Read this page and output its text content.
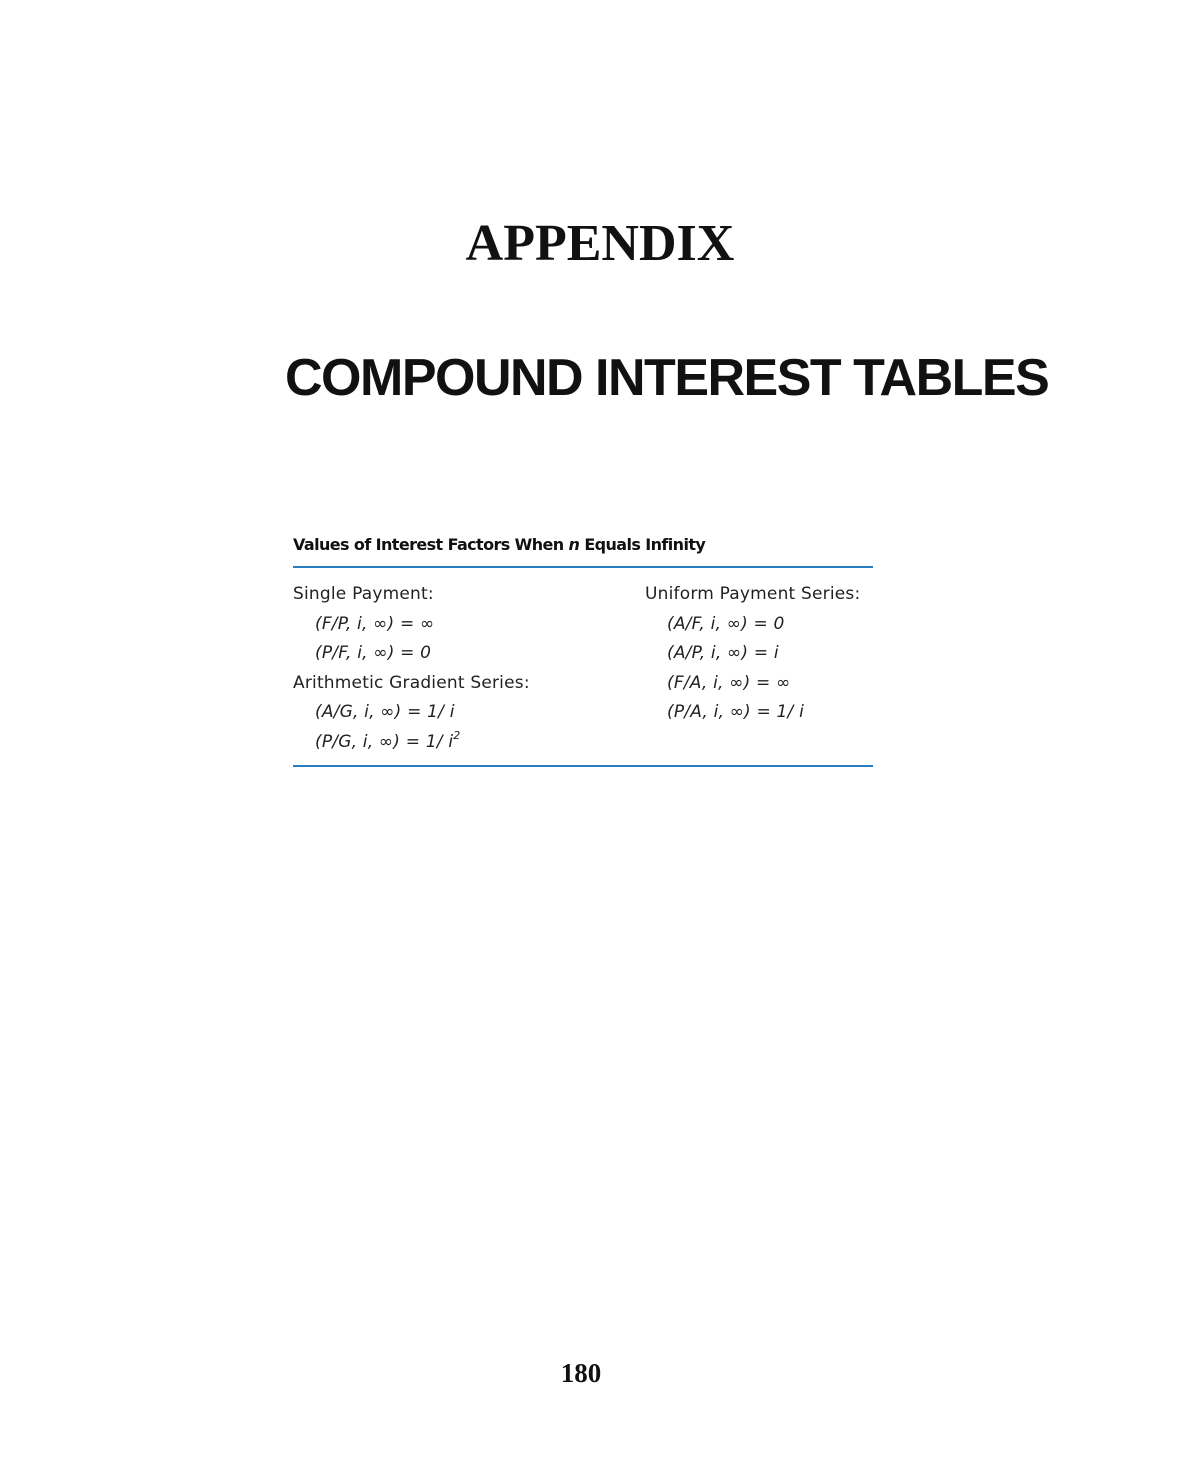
APPENDIX
COMPOUND INTEREST TABLES
Values of Interest Factors When n Equals Infinity
Single Payment:
(F/P, i, ∞) = ∞
(P/F, i, ∞) = 0
Arithmetic Gradient Series:
(A/G, i, ∞) = 1/ i
(P/G, i, ∞) = 1/ $i^2$
Uniform Payment Series:
(A/F, i, ∞) = 0
(A/P, i, ∞) = i
(F/A, i, ∞) = ∞
(P/A, i, ∞) = 1/ i
180
